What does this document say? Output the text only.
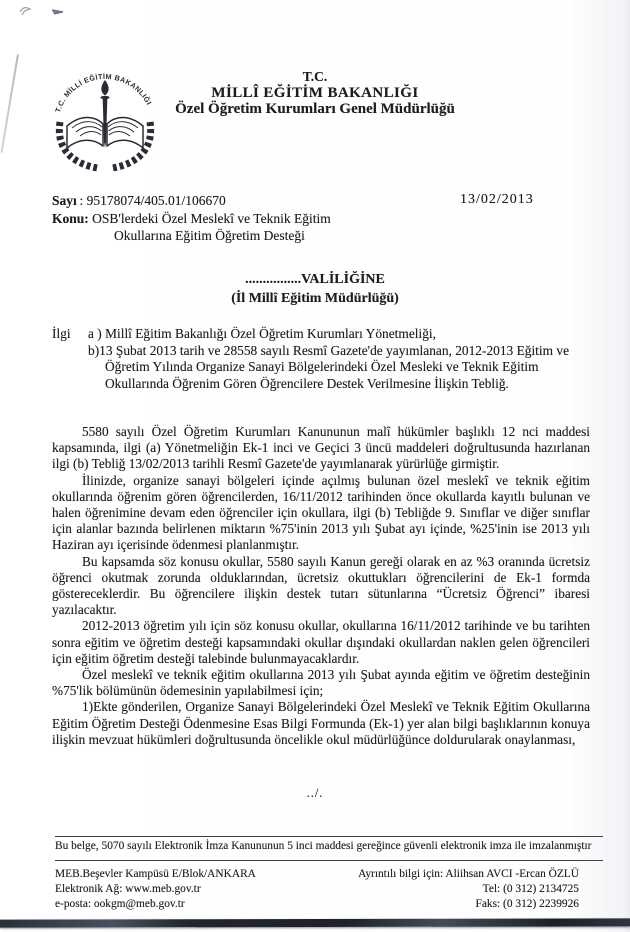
T.C. MİLLİ EĞİTİM BAKANLIĞI
T.C.
MİLLÎ EĞİTİM BAKANLIĞI
Özel Öğretim Kurumları Genel Müdürlüğü
Sayı  : 95178074/405.01/106670
Konu: OSB'lerdeki Özel Meslekî ve Teknik Eğitim
Okullarına Eğitim Öğretim Desteği
13/02/2013
................VALİLİĞİNE
(İl Millî Eğitim Müdürlüğü)
İlgi	a ) Millî Eğitim Bakanlığı Özel Öğretim Kurumları Yönetmeliği,
b)13 Şubat 2013 tarih ve 28558 sayılı Resmî Gazete'de yayımlanan, 2012-2013 Eğitim ve Öğretim Yılında Organize Sanayi Bölgelerindeki Özel Mesleki ve Teknik Eğitim Okullarında Öğrenim Gören Öğrencilere Destek Verilmesine İlişkin Tebliğ.

5580 sayılı Özel Öğretim Kurumları Kanununun malî hükümler başlıklı 12 nci maddesi kapsamında, ilgi (a) Yönetmeliğin Ek-1 inci ve Geçici 3 üncü maddeleri doğrultusunda hazırlanan ilgi (b) Tebliğ 13/02/2013 tarihli Resmî Gazete'de yayımlanarak yürürlüğe girmiştir.

İlinizde, organize sanayi bölgeleri içinde açılmış bulunan özel meslekî ve teknik eğitim okullarında öğrenim gören öğrencilerden, 16/11/2012 tarihinden önce okullarda kayıtlı bulunan ve halen öğrenimine devam eden öğrenciler için okullara, ilgi (b) Tebliğde 9. Sınıflar ve diğer sınıflar için alanlar bazında belirlenen miktarın %75'inin 2013 yılı Şubat ayı içinde, %25'inin ise 2013 yılı Haziran ayı içerisinde ödenmesi planlanmıştır.

Bu kapsamda söz konusu okullar, 5580 sayılı Kanun gereği olarak en az %3 oranında ücretsiz öğrenci okutmak zorunda olduklarından, ücretsiz okuttukları öğrencilerini de Ek-1 formda göstereceklerdir. Bu öğrencilere ilişkin destek tutarı sütunlarına “Ücretsiz Öğrenci” ibaresi yazılacaktır.

2012-2013 öğretim yılı için söz konusu okullar, okullarına 16/11/2012 tarihinde ve bu tarihten sonra eğitim ve öğretim desteği kapsamındaki okullar dışındaki okullardan naklen gelen öğrencileri için eğitim öğretim desteği talebinde bulunmayacaklardır.

Özel meslekî ve teknik eğitim okullarına 2013 yılı Şubat ayında eğitim ve öğretim desteğinin %75'lik bölümünün ödemesinin yapılabilmesi için;

1)Ekte gönderilen, Organize Sanayi Bölgelerindeki Özel Meslekî ve Teknik Eğitim Okullarına Eğitim Öğretim Desteği Ödenmesine Esas Bilgi Formunda (Ek-1) yer alan bilgi başlıklarının konuya ilişkin mevzuat hükümleri doğrultusunda öncelikle okul müdürlüğünce doldurularak onaylanması,

../.
Bu belge, 5070 sayılı Elektronik İmza Kanununun 5 inci maddesi gereğince güvenli elektronik imza ile imzalanmıştır
MEB.Beşevler Kampüsü E/Blok/ANKARA
Elektronik Ağ: www.meb.gov.tr
e-posta: ookgm@meb.gov.tr
Ayrıntılı bilgi için: Aliihsan AVCI -Ercan ÖZLÜ
Tel: (0 312) 2134725
Faks: (0 312) 2239926
